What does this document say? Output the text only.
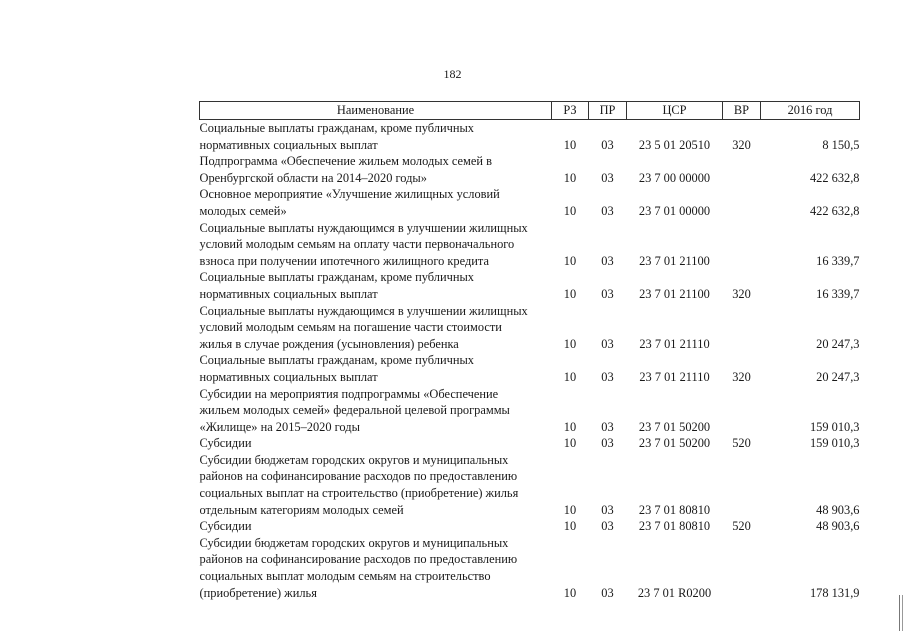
182
Наименование	РЗ	ПР	ЦСР	ВР	2016 год

Социальные выплаты гражданам, кроме публичных
нормативных социальных выплат	10	03	23 5 01 20510	320	8 150,5

Подпрограмма «Обеспечение жильем молодых семей в
Оренбургской области на 2014–2020 годы»	10	03	23 7 00 00000		422 632,8

Основное мероприятие «Улучшение жилищных условий
молодых семей»	10	03	23 7 01 00000		422 632,8

Социальные выплаты нуждающимся в улучшении жилищных
условий молодым семьям на оплату части первоначального
взноса при получении ипотечного жилищного кредита	10	03	23 7 01 21100		16 339,7

Социальные выплаты гражданам, кроме публичных
нормативных социальных выплат	10	03	23 7 01 21100	320	16 339,7

Социальные выплаты нуждающимся в улучшении жилищных
условий молодым семьям на погашение части стоимости
жилья в случае рождения (усыновления) ребенка	10	03	23 7 01 21110		20 247,3

Социальные выплаты гражданам, кроме публичных
нормативных социальных выплат	10	03	23 7 01 21110	320	20 247,3

Субсидии на мероприятия подпрограммы «Обеспечение
жильем молодых семей» федеральной целевой программы
«Жилище» на 2015–2020 годы	10	03	23 7 01 50200		159 010,3

Субсидии	10	03	23 7 01 50200	520	159 010,3

Субсидии бюджетам городских округов и муниципальных
районов на софинансирование расходов по предоставлению
социальных выплат на строительство (приобретение) жилья
отдельным категориям молодых семей	10	03	23 7 01 80810		48 903,6

Субсидии	10	03	23 7 01 80810	520	48 903,6

Субсидии бюджетам городских округов и муниципальных
районов на софинансирование расходов по предоставлению
социальных выплат молодым семьям на строительство
(приобретение) жилья	10	03	23 7 01 R0200		178 131,9
